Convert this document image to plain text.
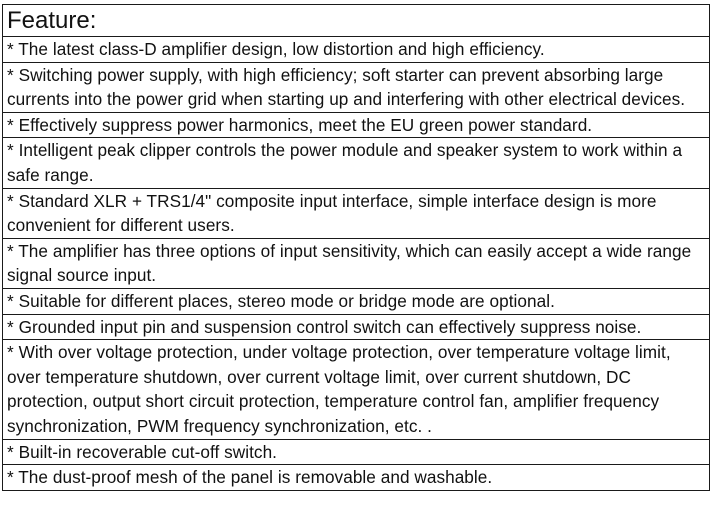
Feature:
* The latest class-D amplifier design, low distortion and high efficiency.
* Switching power supply, with high efficiency; soft starter can prevent absorbing large currents into the power grid when starting up and interfering with other electrical devices.
* Effectively suppress power harmonics, meet the EU green power standard.
* Intelligent peak clipper controls the power module and speaker system to work within a safe range.
* Standard XLR + TRS1/4" composite input interface, simple interface design is more convenient for different users.
* The amplifier has three options of input sensitivity, which can easily accept a wide range signal source input.
* Suitable for different places, stereo mode or bridge mode are optional.
* Grounded input pin and suspension control switch can effectively suppress noise.
* With over voltage protection, under voltage protection, over temperature voltage limit, over temperature shutdown, over current voltage limit, over current shutdown, DC protection, output short circuit protection, temperature control fan, amplifier frequency synchronization, PWM frequency synchronization, etc. .
* Built-in recoverable cut-off switch.
* The dust-proof mesh of the panel is removable and washable.
